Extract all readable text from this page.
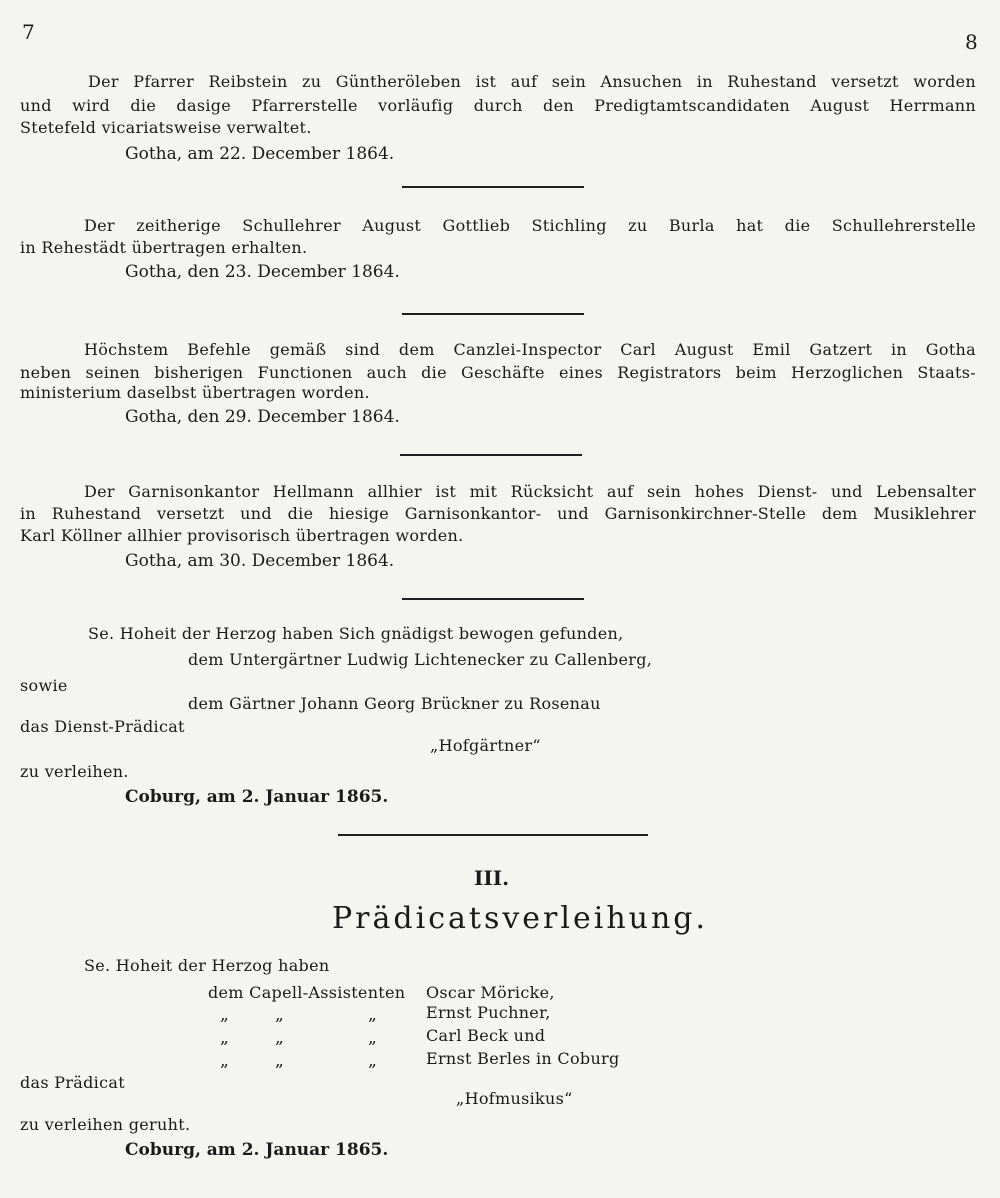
7	8
Der Pfarrer Reibstein zu Güntheröleben ist auf sein Ansuchen in Ruhestand versetzt worden
und wird die dasige Pfarrerstelle vorläufig durch den Predigtamtscandidaten August Herrmann
Stetefeld vicariatsweise verwaltet.
Gotha, am 22. December 1864.
Der zeitherige Schullehrer August Gottlieb Stichling zu Burla hat die Schullehrerstelle
in Rehestädt übertragen erhalten.
Gotha, den 23. December 1864.
Höchstem Befehle gemäß sind dem Canzlei-Inspector Carl August Emil Gatzert in Gotha
neben seinen bisherigen Functionen auch die Geschäfte eines Registrators beim Herzoglichen Staats-
ministerium daselbst übertragen worden.
Gotha, den 29. December 1864.
Der Garnisonkantor Hellmann allhier ist mit Rücksicht auf sein hohes Dienst- und Lebensalter
in Ruhestand versetzt und die hiesige Garnisonkantor- und Garnisonkirchner-Stelle dem Musiklehrer
Karl Köllner allhier provisorisch übertragen worden.
Gotha, am 30. December 1864.
Se. Hoheit der Herzog haben Sich gnädigst bewogen gefunden,
dem Untergärtner Ludwig Lichtenecker zu Callenberg,
sowie
dem Gärtner Johann Georg Brückner zu Rosenau
das Dienst-Prädicat
„Hofgärtner“
zu verleihen.
Coburg, am 2. Januar 1865.
III.
Prädicatsverleihung.
Se. Hoheit der Herzog haben
dem Capell-Assistenten Oscar Möricke,
„	„	„	Ernst Puchner,
„	„	„	Carl Beck und
„	„	„	Ernst Berles in Coburg
das Prädicat
„Hofmusikus“
zu verleihen geruht.
Coburg, am 2. Januar 1865.
